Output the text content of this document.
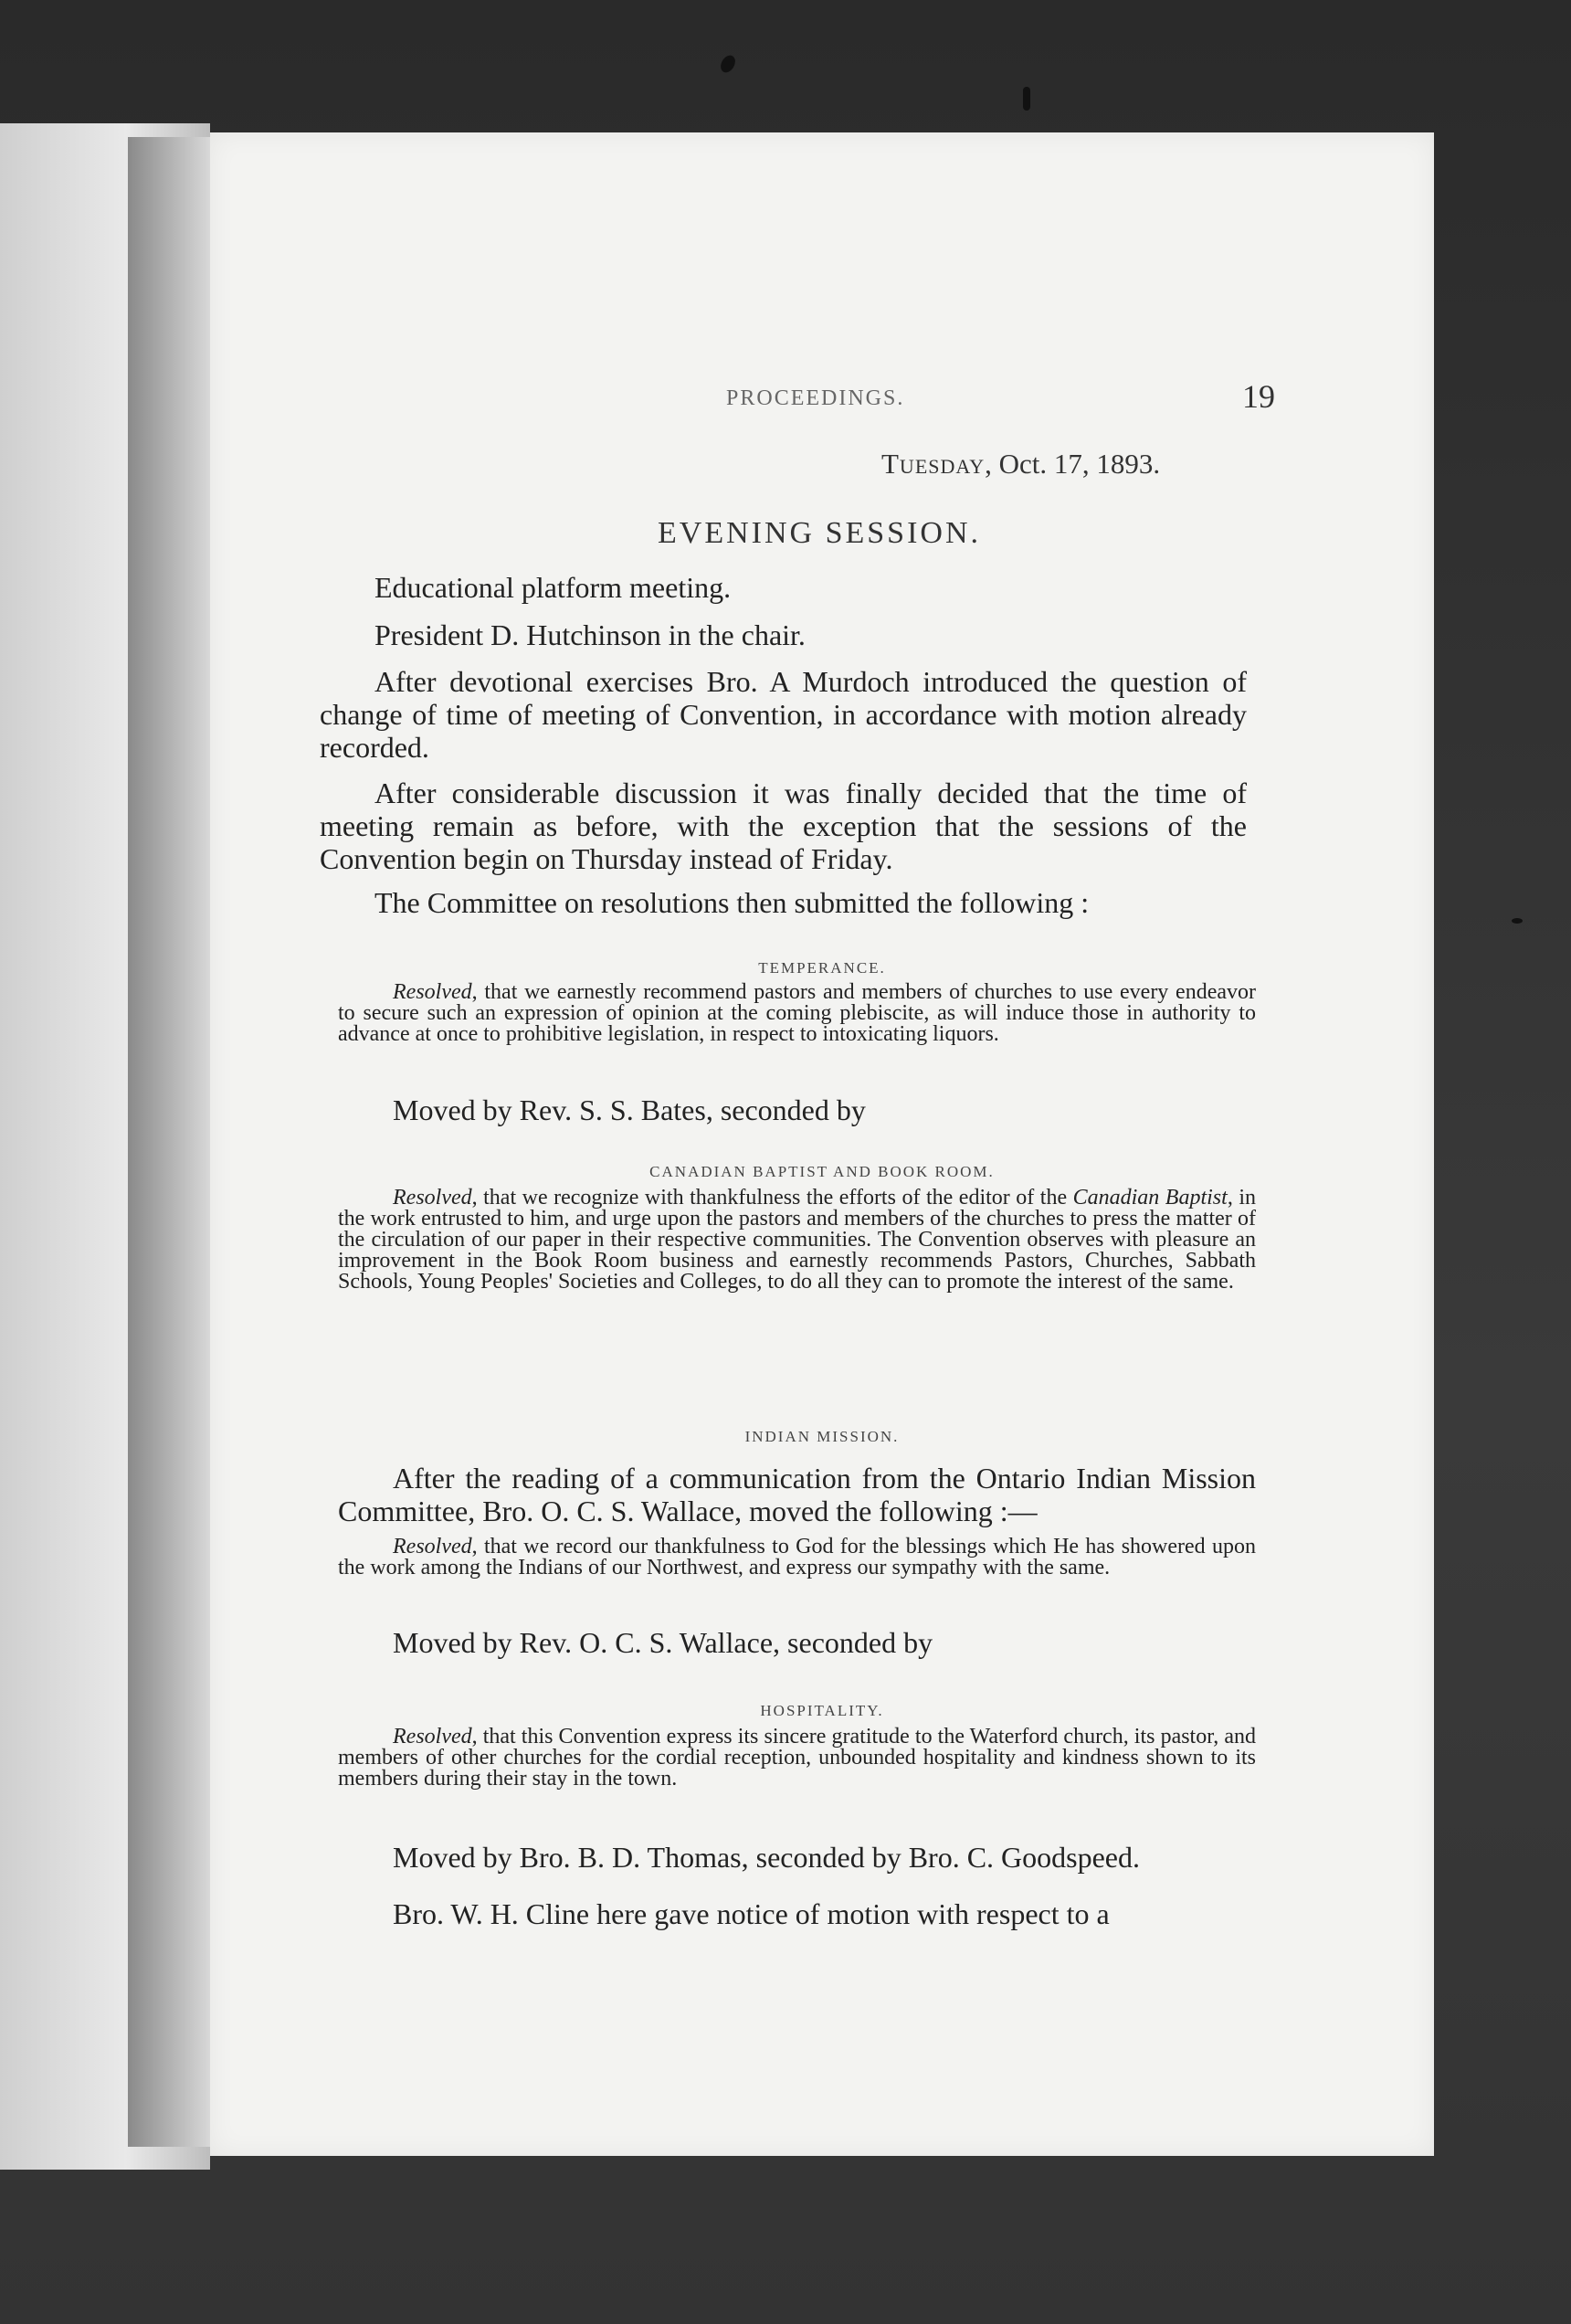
PROCEEDINGS.	19
Tuesday, Oct. 17, 1893.
EVENING SESSION.
Educational platform meeting.
President D. Hutchinson in the chair.
After devotional exercises Bro. A Murdoch introduced the question of change of time of meeting of Convention, in accordance with motion already recorded.
After considerable discussion it was finally decided that the time of meeting remain as before, with the exception that the sessions of the Convention begin on Thursday instead of Friday.
The Committee on resolutions then submitted the following :
TEMPERANCE.
Resolved, that we earnestly recommend pastors and members of churches to use every endeavor to secure such an expression of opinion at the coming plebiscite, as will induce those in authority to advance at once to prohibitive legislation, in respect to intoxicating liquors.
Moved by Rev. S. S. Bates, seconded by
CANADIAN BAPTIST AND BOOK ROOM.
Resolved, that we recognize with thankfulness the efforts of the editor of the Canadian Baptist, in the work entrusted to him, and urge upon the pastors and members of the churches to press the matter of the circulation of our paper in their respective communities. The Convention observes with pleasure an improvement in the Book Room business and earnestly recommends Pastors, Churches, Sabbath Schools, Young Peoples' Societies and Colleges, to do all they can to promote the interest of the same.
INDIAN MISSION.
After the reading of a communication from the Ontario Indian Mission Committee, Bro. O. C. S. Wallace, moved the following :—
Resolved, that we record our thankfulness to God for the blessings which He has showered upon the work among the Indians of our Northwest, and express our sympathy with the same.
Moved by Rev. O. C. S. Wallace, seconded by
HOSPITALITY.
Resolved, that this Convention express its sincere gratitude to the Waterford church, its pastor, and members of other churches for the cordial reception, unbounded hospitality and kindness shown to its members during their stay in the town.
Moved by Bro. B. D. Thomas, seconded by Bro. C. Goodspeed.
Bro. W. H. Cline here gave notice of motion with respect to a
